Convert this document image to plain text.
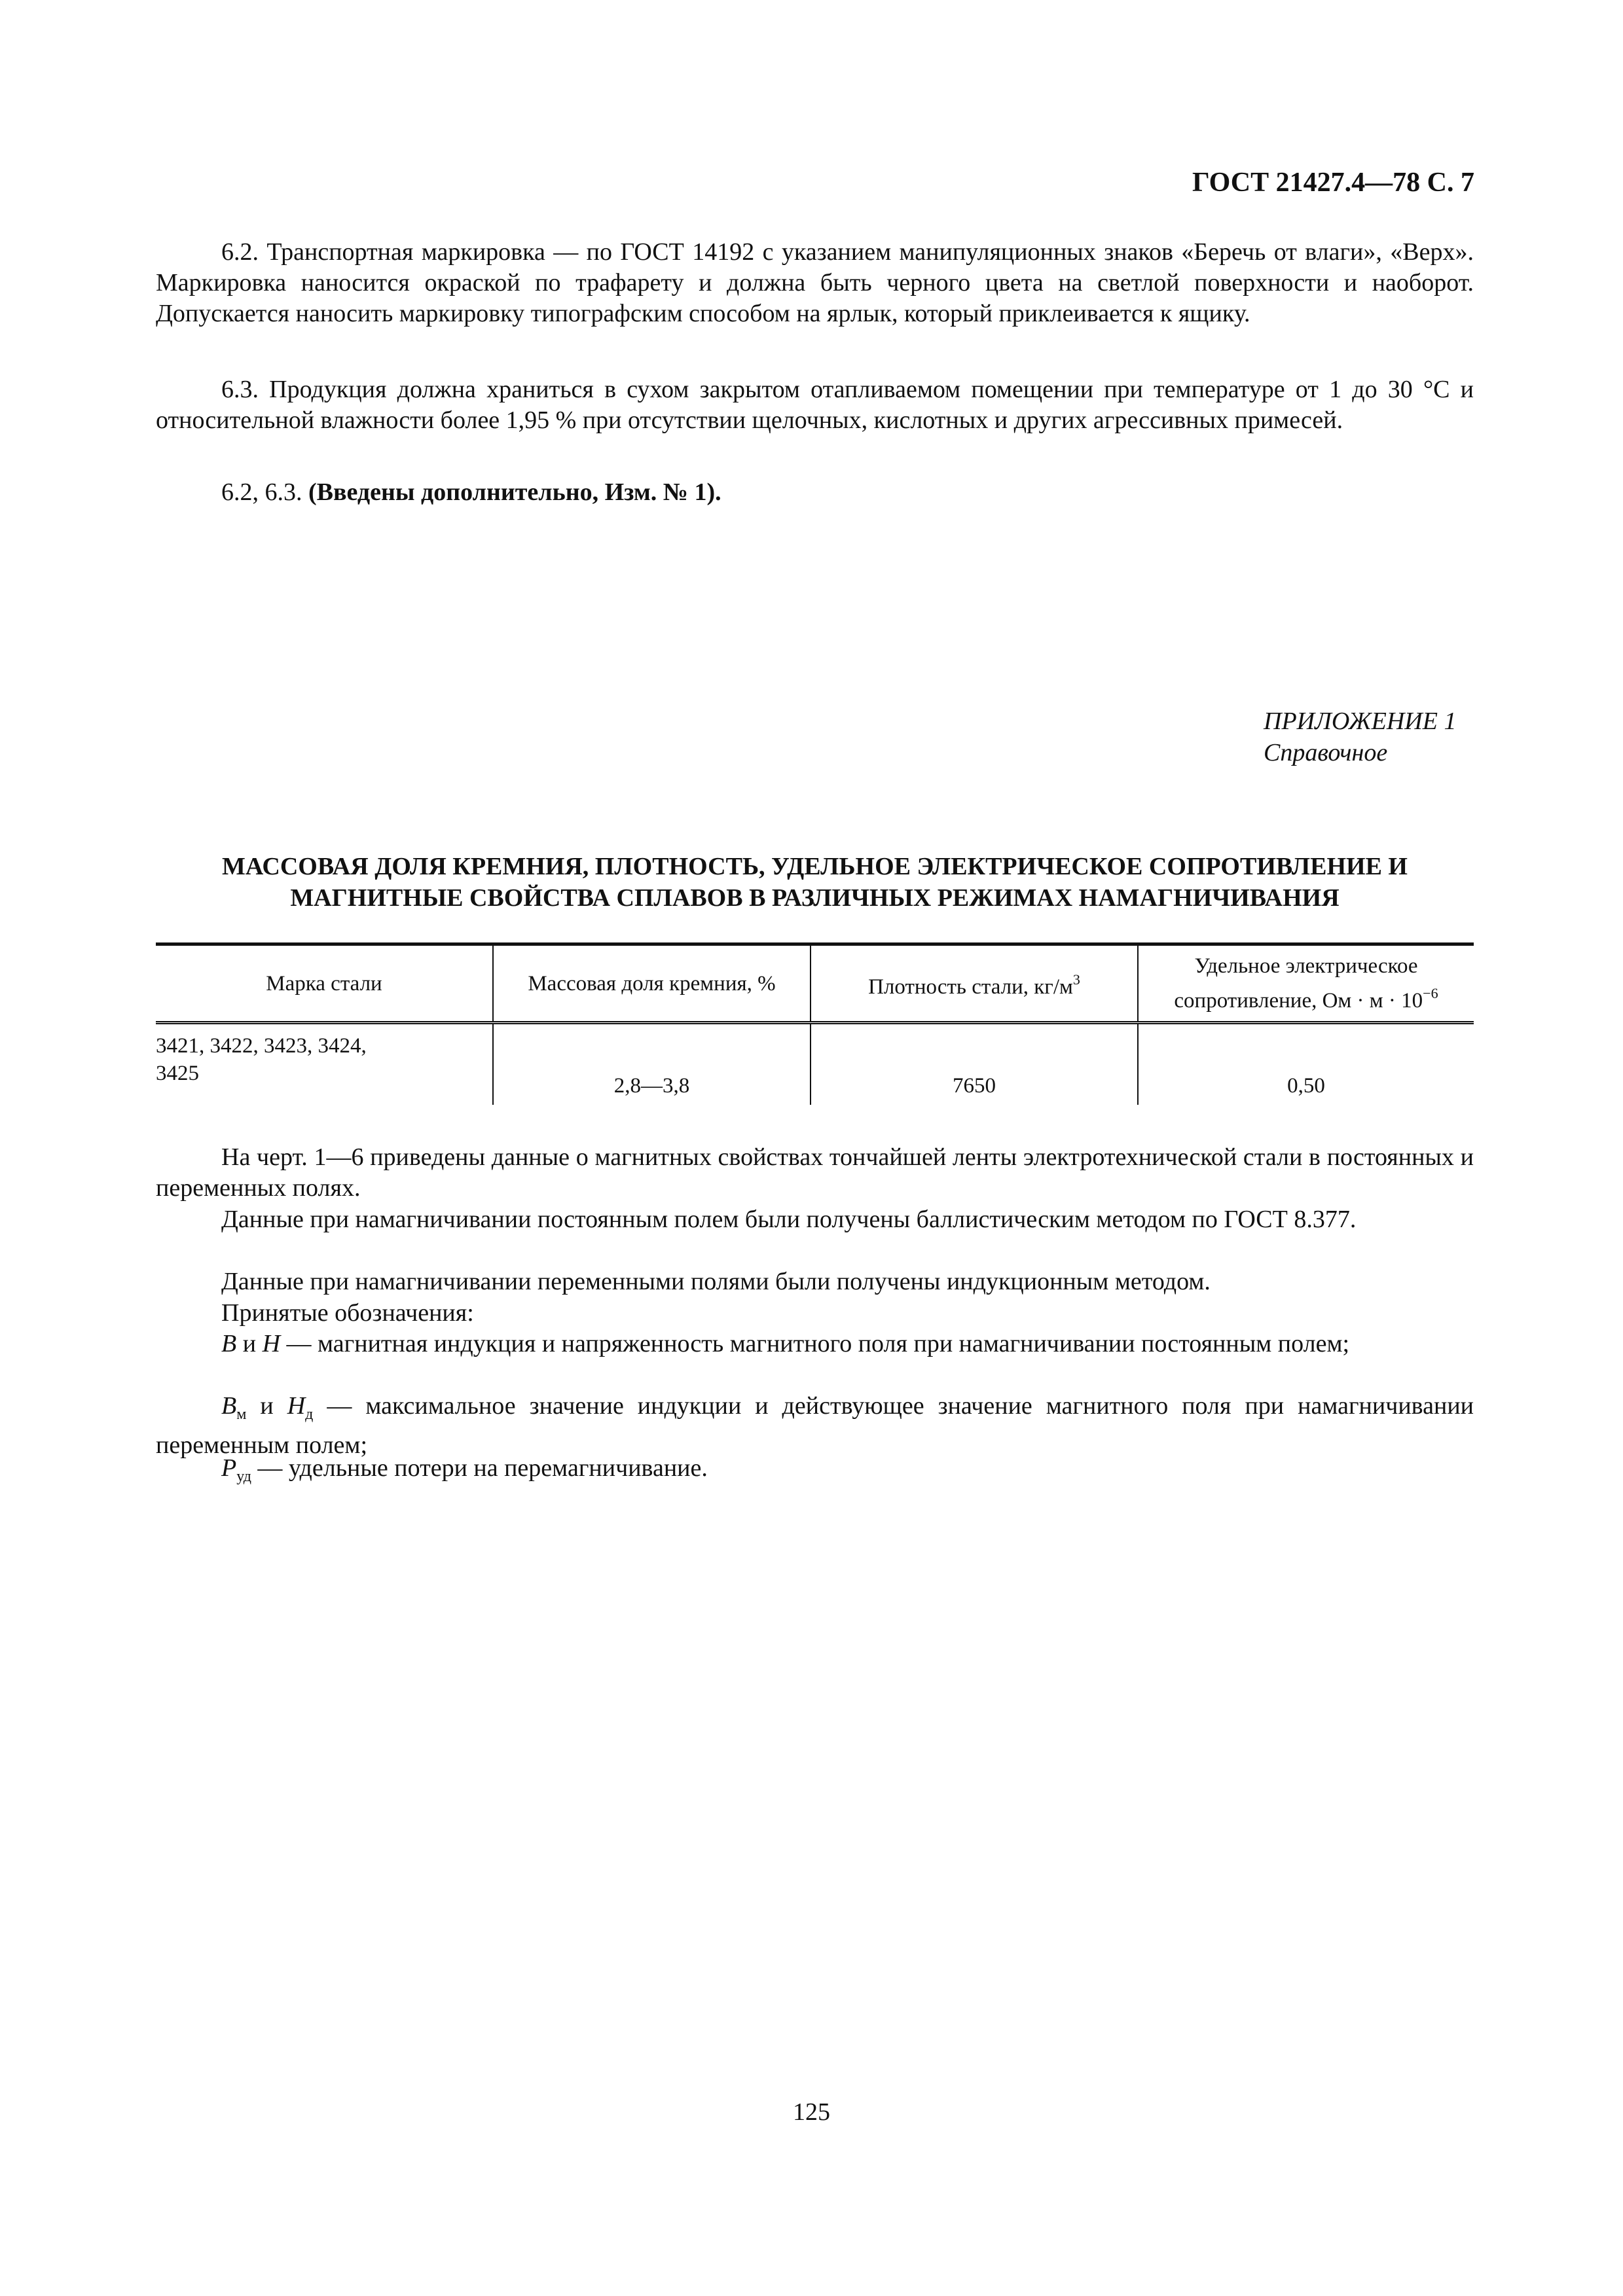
ГОСТ 21427.4—78 С. 7

6.2. Транспортная маркировка — по ГОСТ 14192 с указанием манипуляционных знаков «Беречь от влаги», «Верх». Маркировка наносится окраской по трафарету и должна быть черного цвета на светлой поверхности и наоборот. Допускается наносить маркировку типографским способом на ярлык, который приклеивается к ящику.

6.3. Продукция должна храниться в сухом закрытом отапливаемом помещении при температуре от 1 до 30 °С и относительной влажности более 1,95 % при отсутствии щелочных, кислотных и других агрессивных примесей.

6.2, 6.3. (Введены дополнительно, Изм. № 1).

ПРИЛОЖЕНИЕ 1
Справочное
МАССОВАЯ ДОЛЯ КРЕМНИЯ, ПЛОТНОСТЬ, УДЕЛЬНОЕ ЭЛЕКТРИЧЕСКОЕ СОПРОТИВЛЕНИЕ И
МАГНИТНЫЕ СВОЙСТВА СПЛАВОВ В РАЗЛИЧНЫХ РЕЖИМАХ НАМАГНИЧИВАНИЯ
Марка стали	Массовая доля кремния, %	Плотность стали, $кг/м^3$	Удельное электрическое
сопротивление, Ом · $м \cdot 10^{-6}$
3421, 3422, 3423, 3424,
3425	2,8—3,8	7650	0,50

На черт. 1—6 приведены данные о магнитных свойствах тончайшей ленты электротехнической стали в постоянных и переменных полях.

Данные при намагничивании постоянным полем были получены баллистическим методом по ГОСТ 8.377.

Данные при намагничивании переменными полями были получены индукционным методом.

Принятые обозначения:

B и H — магнитная индукция и напряженность магнитного поля при намагничивании постоянным полем;

$B_м$ и $H_д$ — максимальное значение индукции и действующее значение магнитного поля при намагничивании переменным полем;

$P_{уд}$ — удельные потери на перемагничивание.

125
